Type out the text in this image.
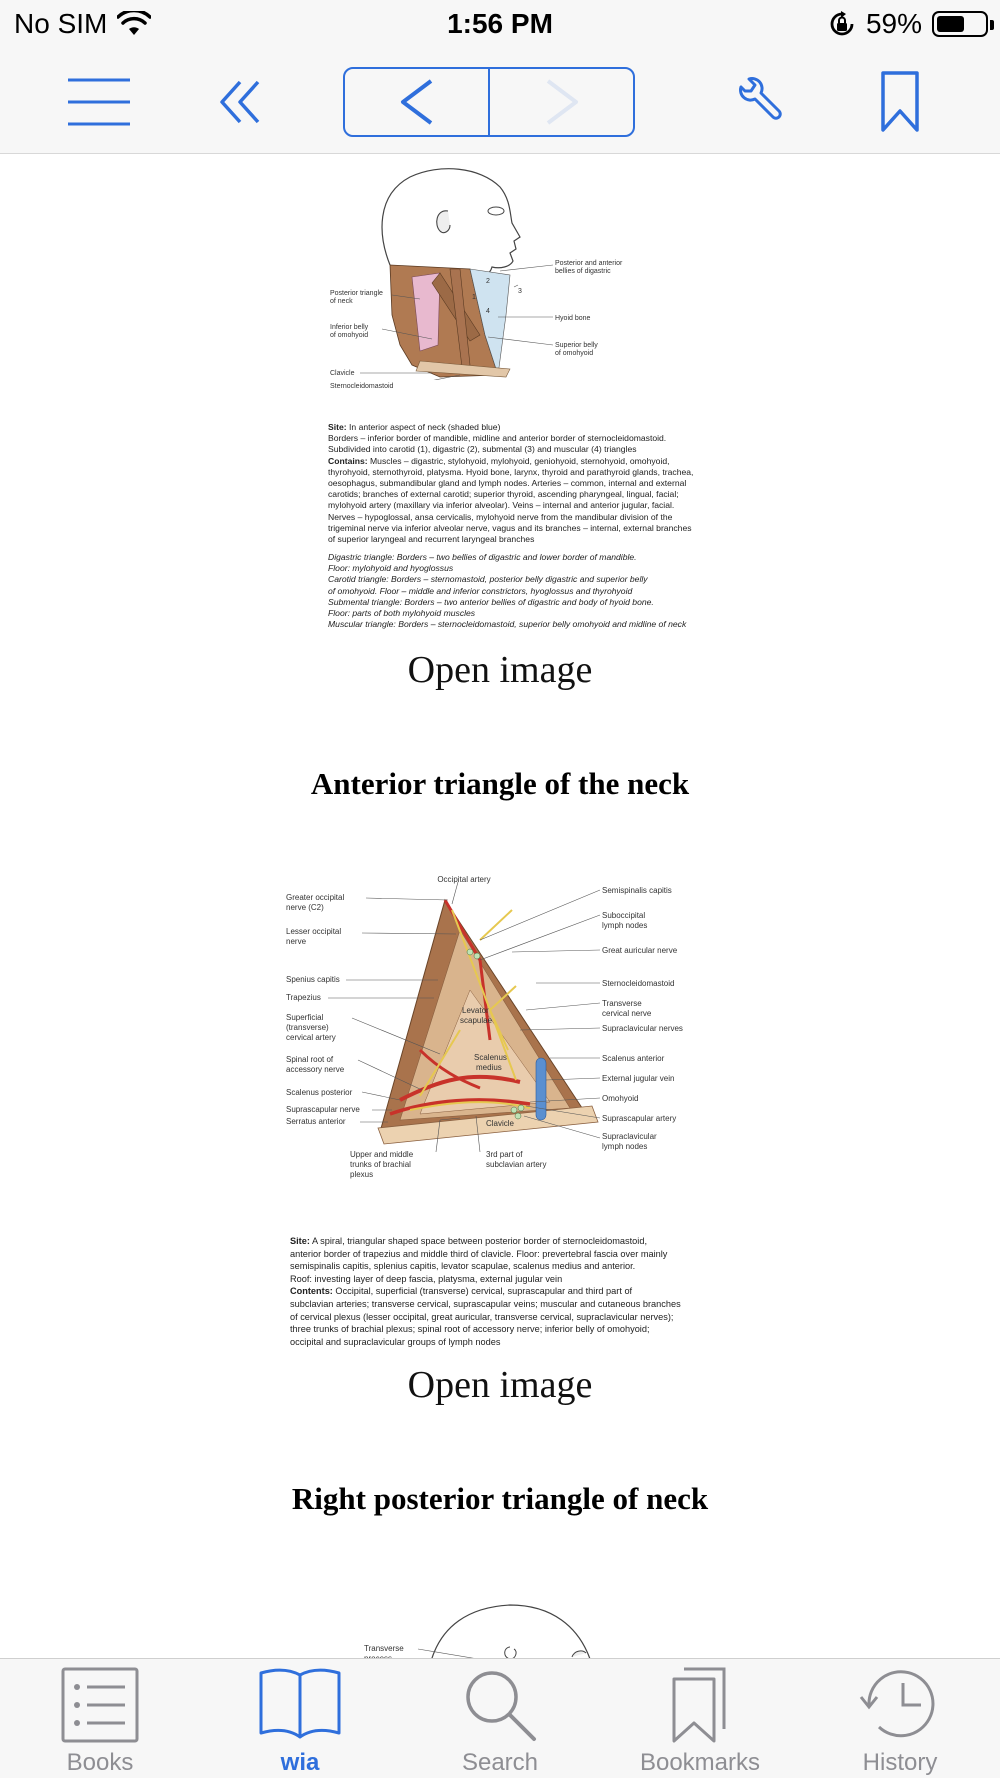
No SIM	1:56 PM	59%
1
2
3
4
Posterior and anterior
bellies of digastric
Hyoid bone
Superior belly
of omohyoid
Posterior triangle
of neck
Inferior belly
of omohyoid
Clavicle
Sternocleidomastoid
Site: In anterior aspect of neck (shaded blue)
Borders – inferior border of mandible, midline and anterior border of sternocleidomastoid.
Subdivided into carotid (1), digastric (2), submental (3) and muscular (4) triangles
Contains: Muscles – digastric, stylohyoid, mylohyoid, geniohyoid, sternohyoid, omohyoid,
thyrohyoid, sternothyroid, platysma. Hyoid bone, larynx, thyroid and parathyroid glands, trachea,
oesophagus, submandibular gland and lymph nodes. Arteries – common, internal and external
carotids; branches of external carotid; superior thyroid, ascending pharyngeal, lingual, facial;
mylohyoid artery (maxillary via inferior alveolar). Veins – internal and anterior jugular, facial.
Nerves – hypoglossal, ansa cervicalis, mylohyoid nerve from the mandibular division of the
trigeminal nerve via inferior alveolar nerve, vagus and its branches – internal, external branches
of superior laryngeal and recurrent laryngeal branches
Digastric triangle: Borders – two bellies of digastric and lower border of mandible.
Floor: mylohyoid and hyoglossus
Carotid triangle: Borders – sternomastoid, posterior belly digastric and superior belly
of omohyoid. Floor – middle and inferior constrictors, hyoglossus and thyrohyoid
Submental triangle: Borders – two anterior bellies of digastric and body of hyoid bone.
Floor: parts of both mylohyoid muscles
Muscular triangle: Borders – sternocleidomastoid, superior belly omohyoid and midline of neck
Open image
Anterior triangle of the neck
Occipital artery
Semispinalis capitis
Greater occipital
nerve (C2)
Suboccipital
lymph nodes
Lesser occipital
nerve
Great auricular nerve
Spenius capitis	Sternocleidomastoid
Trapezius
Transverse
cervical nerve
Superficial
(transverse)
cervical artery
Supraclavicular nerves
Levator
scapulae
Spinal root of
accessory nerve
Scalenus
medius
Scalenus anterior
External jugular vein
Scalenus posterior
Omohyoid
Suprascapular nerve
Suprascapular artery
Serratus anterior	Clavicle
Supraclavicular
lymph nodes
Upper and middle
trunks of brachial
plexus
3rd part of
subclavian artery
Site: A spiral, triangular shaped space between posterior border of sternocleidomastoid,
anterior border of trapezius and middle third of clavicle. Floor: prevertebral fascia over mainly
semispinalis capitis, splenius capitis, levator scapulae, scalenus medius and anterior.
Roof: investing layer of deep fascia, platysma, external jugular vein
Contents: Occipital, superficial (transverse) cervical, suprascapular and third part of
subclavian arteries; transverse cervical, suprascapular veins; muscular and cutaneous branches
of cervical plexus (lesser occipital, great auricular, transverse cervical, supraclavicular nerves);
three trunks of brachial plexus; spinal root of accessory nerve; inferior belly of omohyoid;
occipital and supraclavicular groups of lymph nodes
Open image
Right posterior triangle of neck
Transverse
Books	wia	Search	Bookmarks	History
